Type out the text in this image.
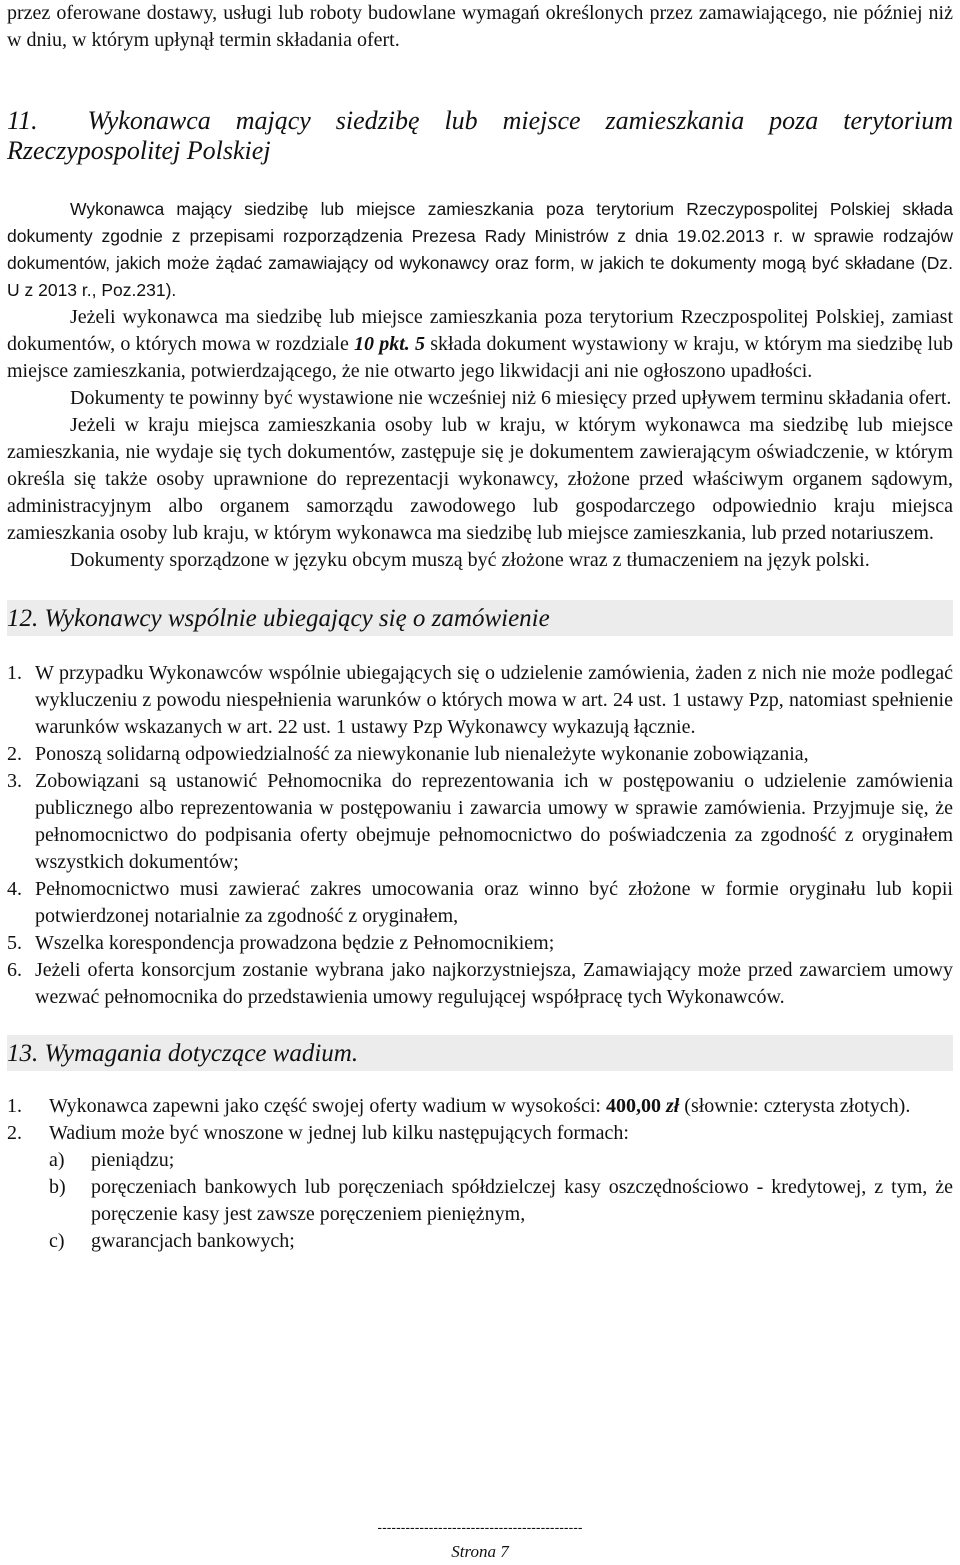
przez oferowane dostawy, usługi lub roboty budowlane wymagań określonych przez zamawiającego, nie później niż w dniu, w którym upłynął termin składania ofert.

11. Wykonawca mający siedzibę lub miejsce zamieszkania poza terytorium Rzeczypospolitej Polskiej

Wykonawca mający siedzibę lub miejsce zamieszkania poza terytorium Rzeczypospolitej Polskiej składa dokumenty zgodnie z przepisami rozporządzenia Prezesa Rady Ministrów z dnia 19.02.2013 r. w sprawie rodzajów dokumentów, jakich może żądać zamawiający od wykonawcy oraz form, w jakich te dokumenty mogą być składane (Dz. U z 2013 r., Poz.231).

Jeżeli wykonawca ma siedzibę lub miejsce zamieszkania poza terytorium Rzeczpospolitej Polskiej, zamiast dokumentów, o których mowa w rozdziale 10 pkt. 5 składa dokument wystawiony w kraju, w którym ma siedzibę lub miejsce zamieszkania, potwierdzającego, że nie otwarto jego likwidacji ani nie ogłoszono upadłości.

Dokumenty te powinny być wystawione nie wcześniej niż 6 miesięcy przed upływem terminu składania ofert.

Jeżeli w kraju miejsca zamieszkania osoby lub w kraju, w którym wykonawca ma siedzibę lub miejsce zamieszkania, nie wydaje się tych dokumentów, zastępuje się je dokumentem zawierającym oświadczenie, w którym określa się także osoby uprawnione do reprezentacji wykonawcy, złożone przed właściwym organem sądowym, administracyjnym albo organem samorządu zawodowego lub gospodarczego odpowiednio kraju miejsca zamieszkania osoby lub kraju, w którym wykonawca ma siedzibę lub miejsce zamieszkania, lub przed notariuszem.

Dokumenty sporządzone w języku obcym muszą być złożone wraz z tłumaczeniem na język polski.

12. Wykonawcy wspólnie ubiegający się o zamówienie
1. W przypadku Wykonawców wspólnie ubiegających się o udzielenie zamówienia, żaden z nich nie może podlegać wykluczeniu z powodu niespełnienia warunków o których mowa w art. 24 ust. 1 ustawy Pzp, natomiast spełnienie warunków wskazanych w art. 22 ust. 1 ustawy Pzp Wykonawcy wykazują łącznie.
2. Ponoszą solidarną odpowiedzialność za niewykonanie lub nienależyte wykonanie zobowiązania,
3. Zobowiązani są ustanowić Pełnomocnika do reprezentowania ich w postępowaniu o udzielenie zamówienia publicznego albo reprezentowania w postępowaniu i zawarcia umowy w sprawie zamówienia. Przyjmuje się, że pełnomocnictwo do podpisania oferty obejmuje pełnomocnictwo do poświadczenia za zgodność z oryginałem wszystkich dokumentów;
4. Pełnomocnictwo musi zawierać zakres umocowania oraz winno być złożone w formie oryginału lub kopii potwierdzonej notarialnie za zgodność z oryginałem,
5. Wszelka korespondencja prowadzona będzie z Pełnomocnikiem;
6. Jeżeli oferta konsorcjum zostanie wybrana jako najkorzystniejsza, Zamawiający może przed zawarciem umowy wezwać pełnomocnika do przedstawienia umowy regulującej współpracę tych Wykonawców.
13. Wymagania dotyczące wadium.
1. Wykonawca zapewni jako część swojej oferty wadium w wysokości: 400,00 zł (słownie: czterysta złotych).
2. Wadium może być wnoszone w jednej lub kilku następujących formach:
a) pieniądzu;
b) poręczeniach bankowych lub poręczeniach spółdzielczej kasy oszczędnościowo - kredytowej, z tym, że poręczenie kasy jest zawsze poręczeniem pieniężnym,
c) gwarancjach bankowych;
--------------------------------------------
Strona 7
